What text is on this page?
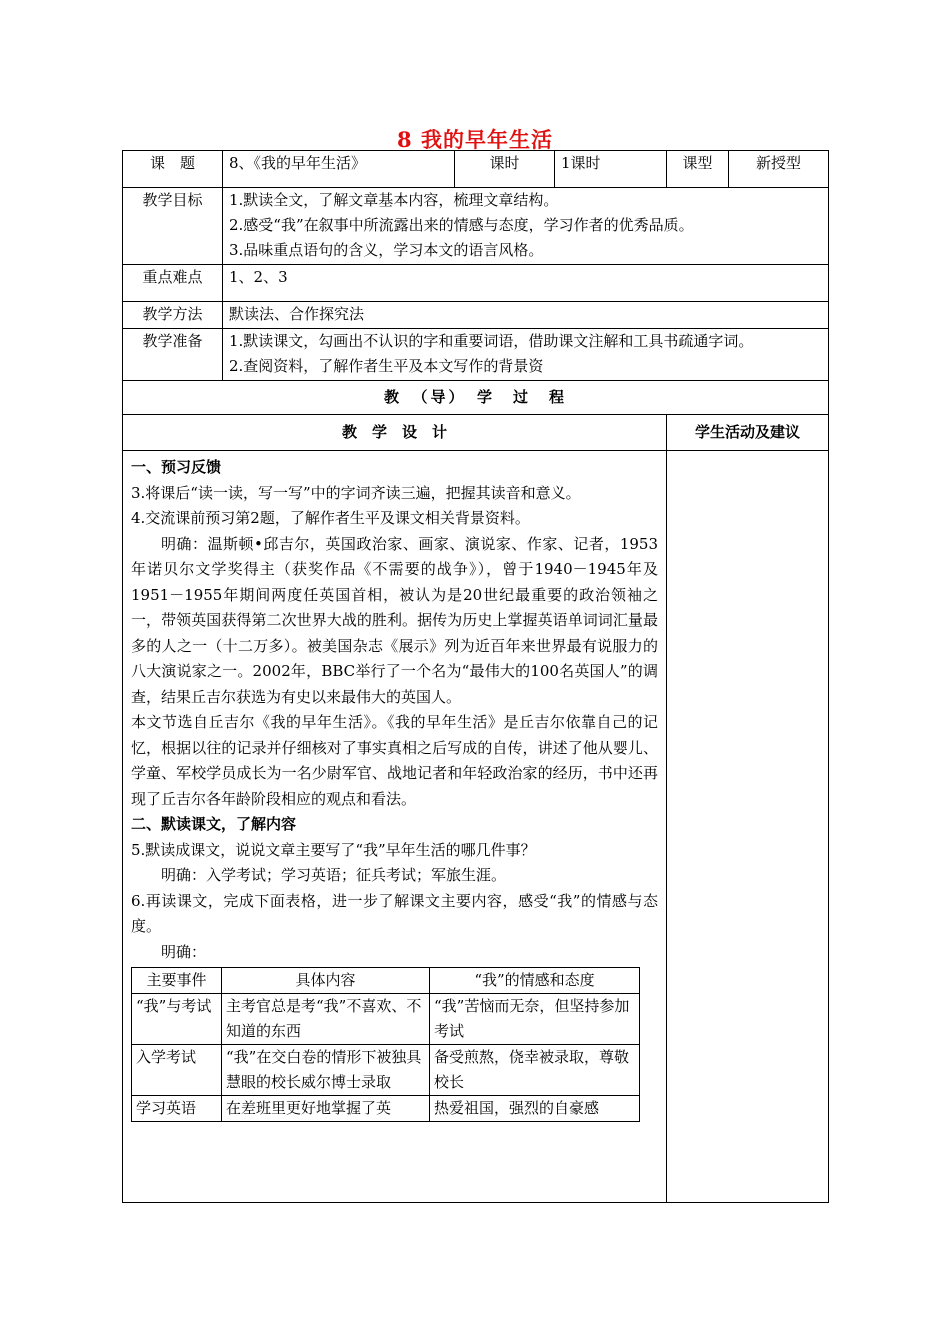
8 我的早年生活
课　题	8、《我的早年生活》	课时	1课时	课型	新授型
教学目标	1.默读全文，了解文章基本内容，梳理文章结构。
2.感受“我”在叙事中所流露出来的情感与态度，学习作者的优秀品质。
3.品味重点语句的含义，学习本文的语言风格。

重点难点	1、2、3
教学方法	默读法、合作探究法
教学准备	1.默读课文，勾画出不认识的字和重要词语，借助课文注解和工具书疏通字词。
2.查阅资料，了解作者生平及本文写作的背景资

教　（导）　学　过　程
教　学　设　计	学生活动及建议

一、预习反馈

3.将课后“读一读，写一写”中的字词齐读三遍，把握其读音和意义。

4.交流课前预习第2题，了解作者生平及课文相关背景资料。

明确：温斯顿•邱吉尔，英国政治家、画家、演说家、作家、记者，1953年诺贝尔文学奖得主（获奖作品《不需要的战争》），曾于1940－1945年及1951－1955年期间两度任英国首相，被认为是20世纪最重要的政治领袖之一，带领英国获得第二次世界大战的胜利。据传为历史上掌握英语单词词汇量最多的人之一（十二万多）。被美国杂志《展示》列为近百年来世界最有说服力的八大演说家之一。2002年，BBC举行了一个名为“最伟大的100名英国人”的调查，结果丘吉尔获选为有史以来最伟大的英国人。

本文节选自丘吉尔《我的早年生活》。《我的早年生活》是丘吉尔依靠自己的记忆，根据以往的记录并仔细核对了事实真相之后写成的自传，讲述了他从婴儿、学童、军校学员成长为一名少尉军官、战地记者和年轻政治家的经历，书中还再现了丘吉尔各年龄阶段相应的观点和看法。

二、默读课文，了解内容

5.默读成课文，说说文章主要写了“我”早年生活的哪几件事？

明确：入学考试；学习英语；征兵考试；军旅生涯。

6.再读课文，完成下面表格，进一步了解课文主要内容，感受“我”的情感与态度。

明确：

主要事件	具体内容	“我”的情感和态度
“我”与考试	主考官总是考“我”不喜欢、不知道的东西	“我”苦恼而无奈，但坚持参加考试
入学考试	“我”在交白卷的情形下被独具慧眼的校长威尔博士录取	备受煎熬，侥幸被录取，尊敬校长
学习英语	在差班里更好地掌握了英	热爱祖国，强烈的自豪感
